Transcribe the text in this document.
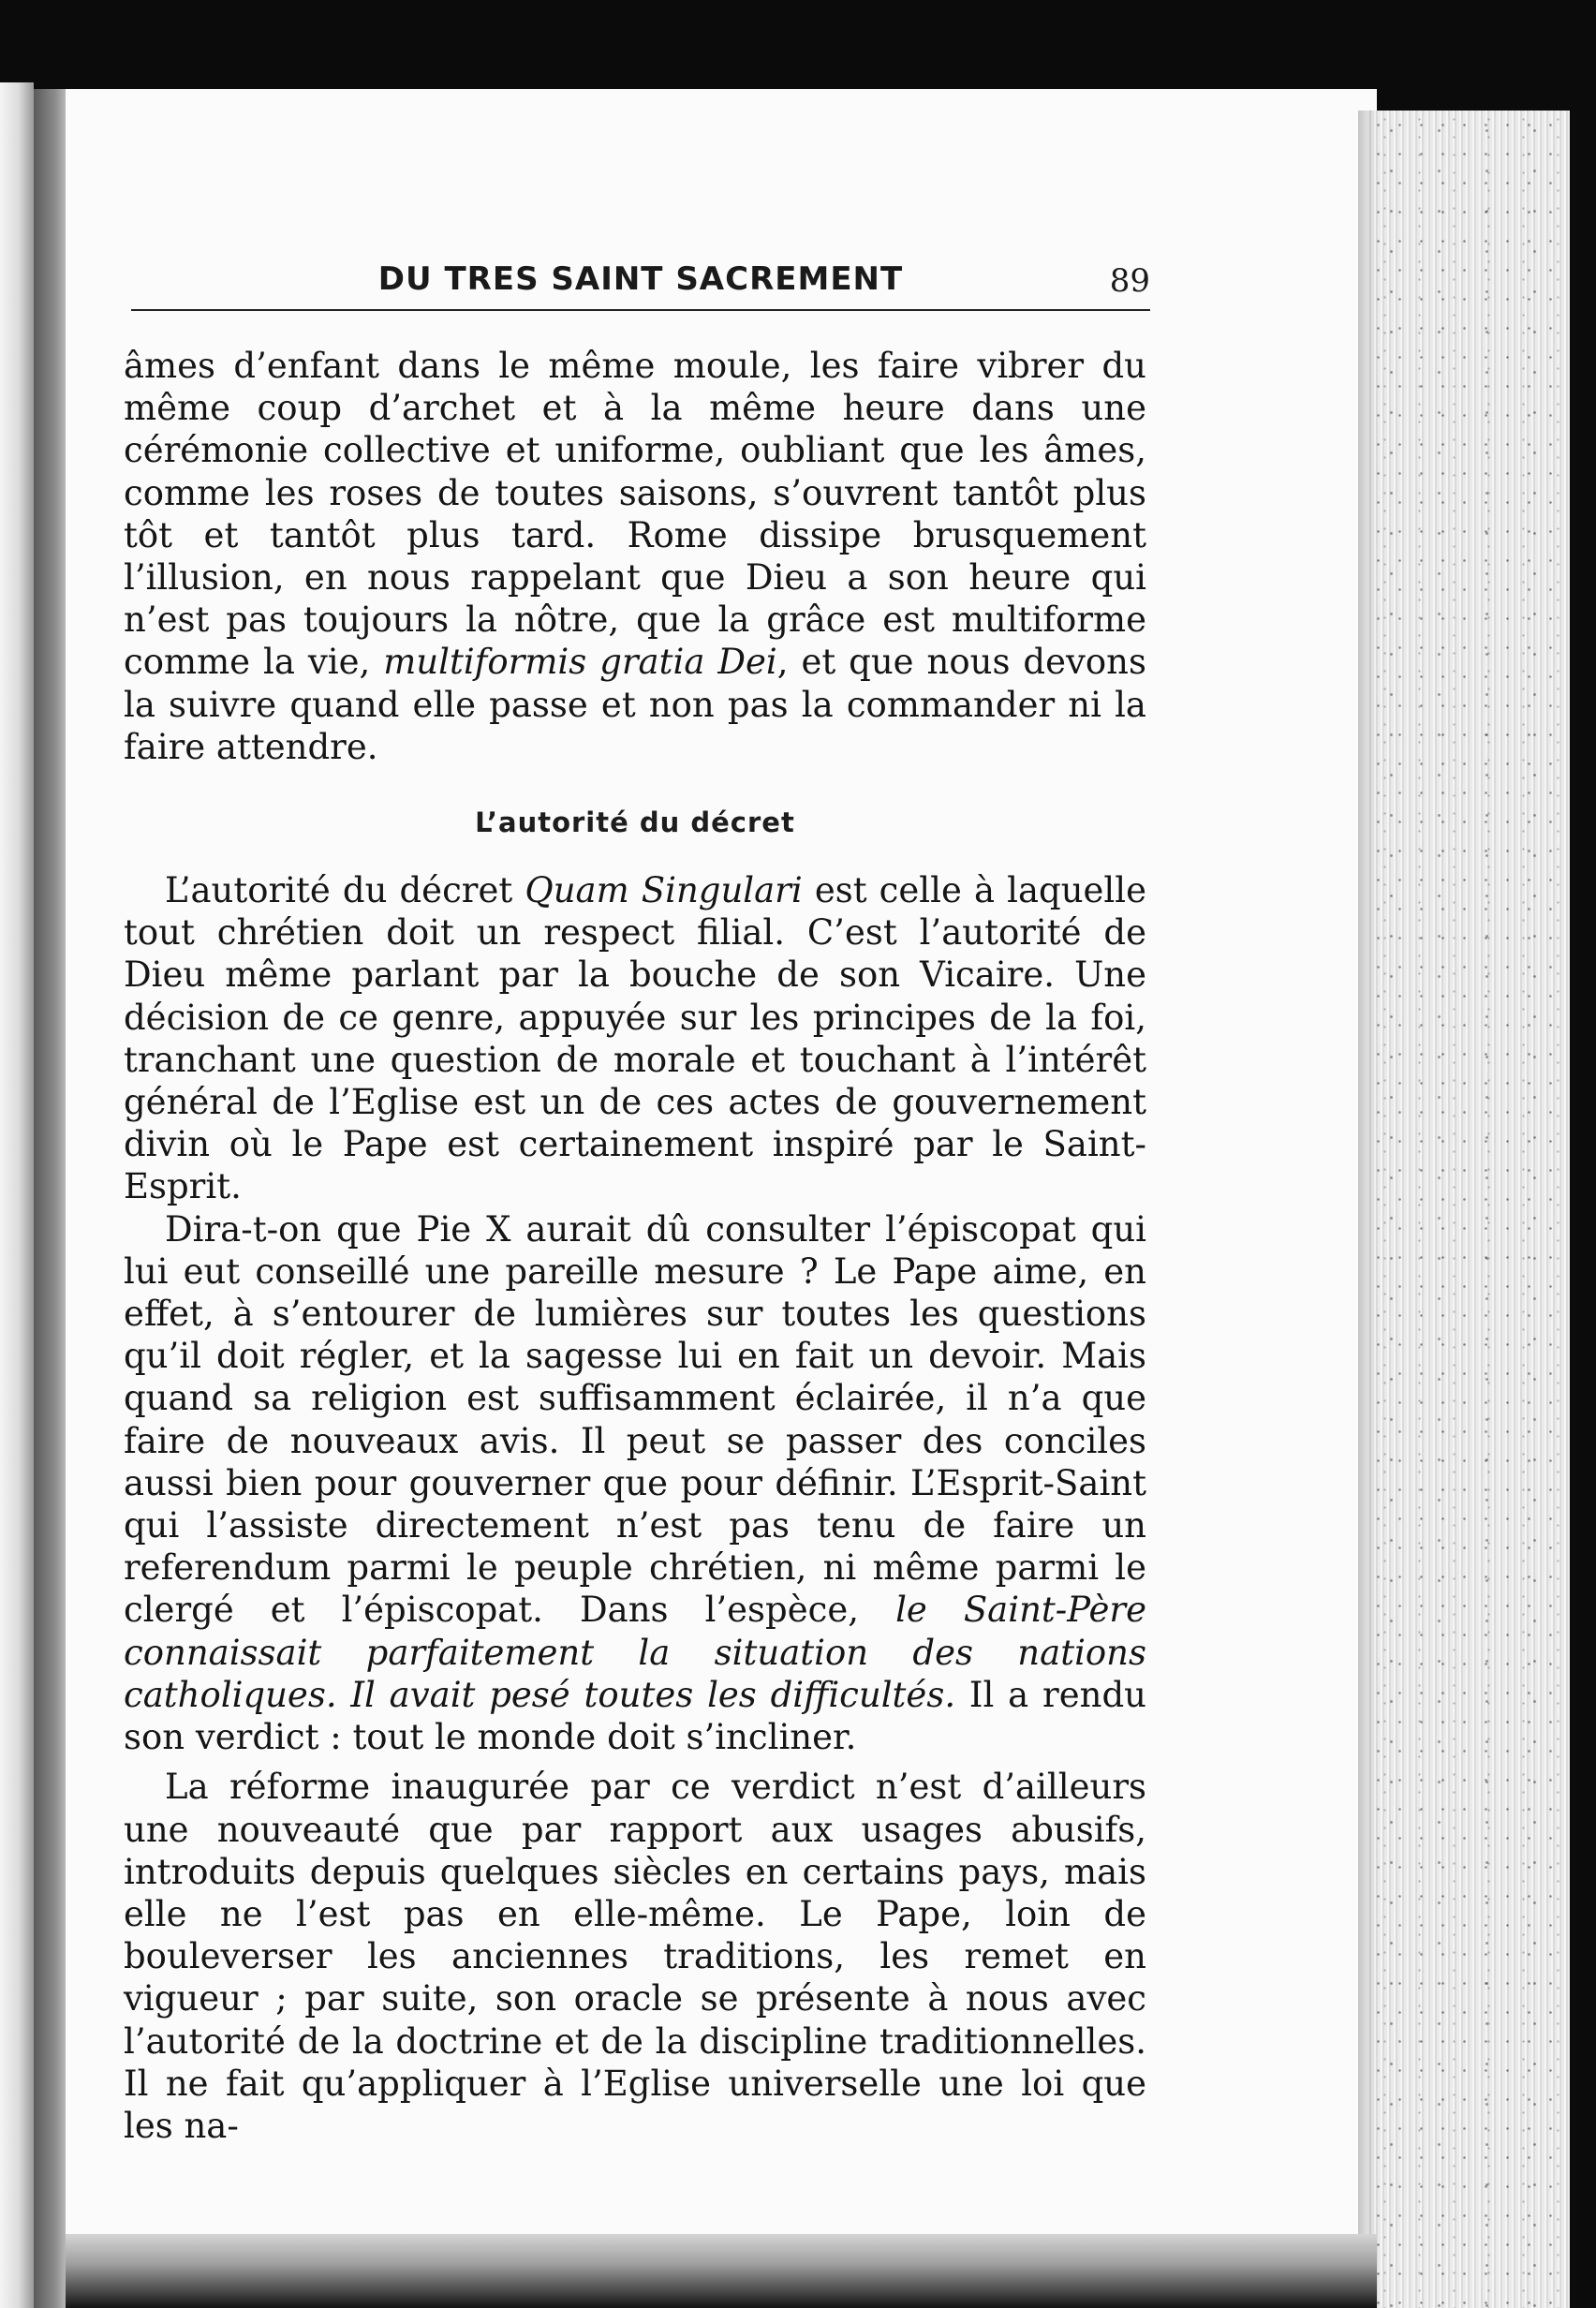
DU TRES SAINT SACREMENT	89

âmes d’enfant dans le même moule, les faire vibrer du même coup d’archet et à la même heure dans une cérémonie collective et uniforme, oubliant que les âmes, comme les roses de toutes saisons, s’ouvrent tantôt plus tôt et tantôt plus tard. Rome dissipe brusquement l’illusion, en nous rappelant que Dieu a son heure qui n’est pas toujours la nôtre, que la grâce est multiforme comme la vie, multiformis gratia Dei, et que nous devons la suivre quand elle passe et non pas la commander ni la faire attendre.

L’autorité du décret

L’autorité du décret Quam Singulari est celle à laquelle tout chrétien doit un respect filial. C’est l’autorité de Dieu même parlant par la bouche de son Vicaire. Une décision de ce genre, appuyée sur les principes de la foi, tranchant une question de morale et touchant à l’intérêt général de l’Eglise est un de ces actes de gouvernement divin où le Pape est certainement inspiré par le Saint-Esprit.

Dira-t-on que Pie X aurait dû consulter l’épiscopat qui lui eut conseillé une pareille mesure ? Le Pape aime, en effet, à s’entourer de lumières sur toutes les questions qu’il doit régler, et la sagesse lui en fait un devoir. Mais quand sa religion est suffisamment éclairée, il n’a que faire de nouveaux avis. Il peut se passer des conciles aussi bien pour gouverner que pour définir. L’Esprit-Saint qui l’assiste directement n’est pas tenu de faire un referendum parmi le peuple chrétien, ni même parmi le clergé et l’épiscopat. Dans l’espèce, le Saint-Père connaissait parfaitement la situation des nations catholiques. Il avait pesé toutes les difficultés. Il a rendu son verdict : tout le monde doit s’incliner.

La réforme inaugurée par ce verdict n’est d’ailleurs une nouveauté que par rapport aux usages abusifs, introduits depuis quelques siècles en certains pays, mais elle ne l’est pas en elle-même. Le Pape, loin de bouleverser les anciennes traditions, les remet en vigueur ; par suite, son oracle se présente à nous avec l’autorité de la doctrine et de la discipline traditionnelles. Il ne fait qu’appliquer à l’Eglise universelle une loi que les na-
